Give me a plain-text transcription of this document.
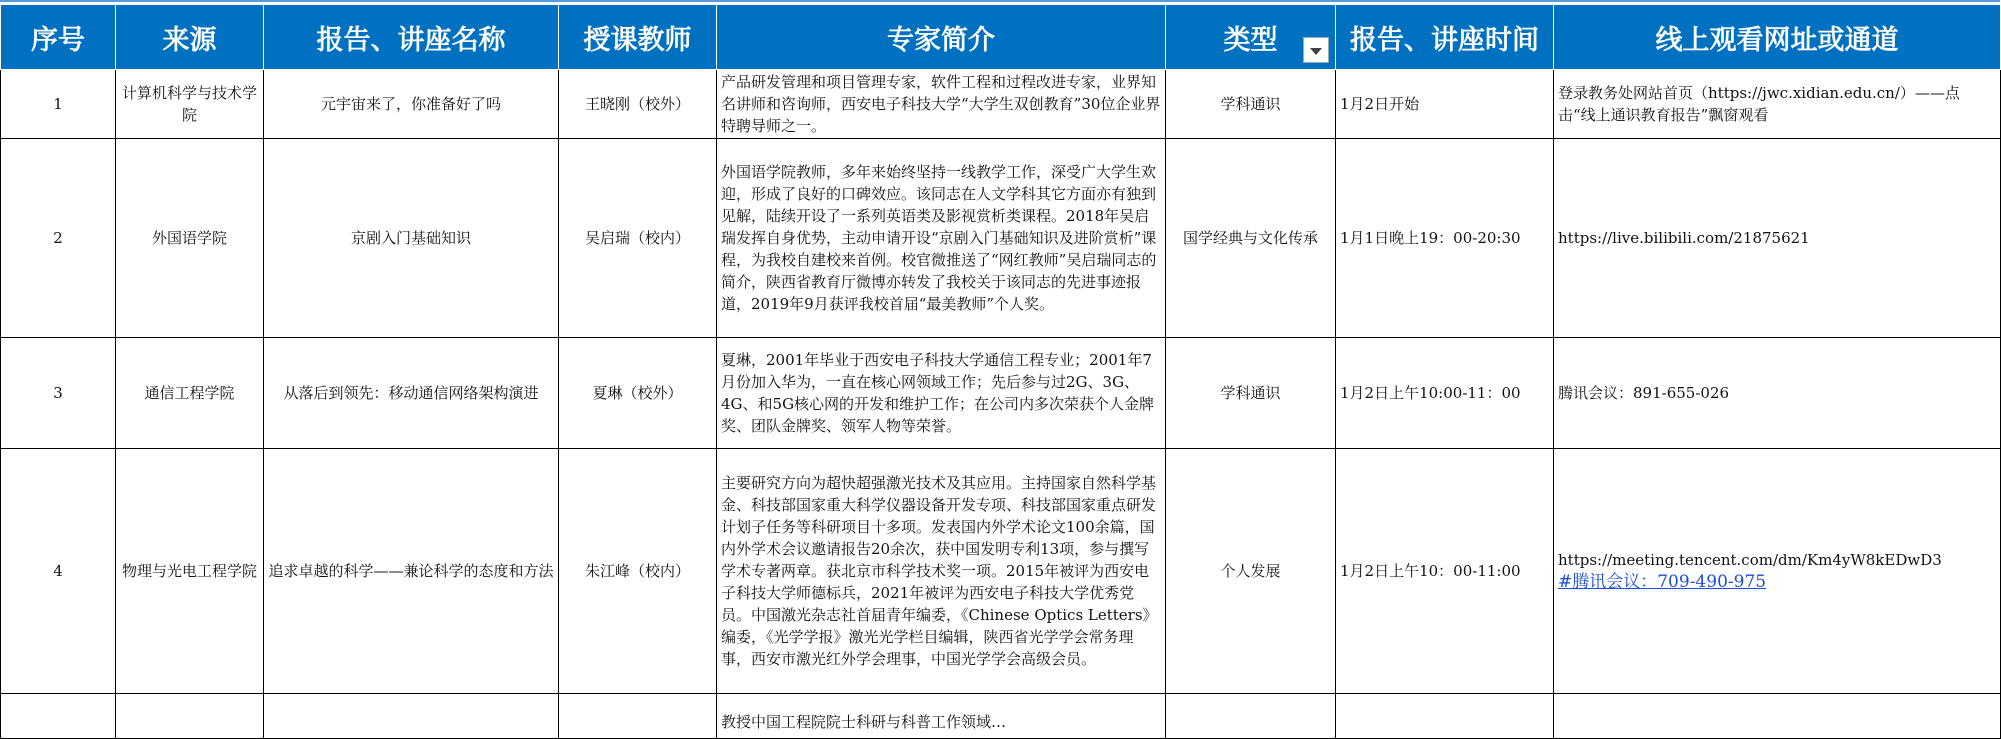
序号	来源	报告、讲座名称	授课教师	专家简介	类型	报告、讲座时间	线上观看网址或通道
1	计算机科学与技术学院	元宇宙来了，你准备好了吗	王晓刚（校外）	产品研发管理和项目管理专家，软件工程和过程改进专家，业界知名讲师和咨询师，西安电子科技大学“大学生双创教育”30位企业界特聘导师之一。	学科通识	1月2日开始	登录教务处网站首页（https://jwc.xidian.edu.cn/）——点击“线上通识教育报告”飘窗观看
2	外国语学院	京剧入门基础知识	吴启瑞（校内）	外国语学院教师，多年来始终坚持一线教学工作，深受广大学生欢迎，形成了良好的口碑效应。该同志在人文学科其它方面亦有独到见解，陆续开设了一系列英语类及影视赏析类课程。2018年吴启瑞发挥自身优势，主动申请开设“京剧入门基础知识及进阶赏析”课程，为我校自建校来首例。校官微推送了“网红教师”吴启瑞同志的简介，陕西省教育厅微博亦转发了我校关于该同志的先进事迹报道，2019年9月获评我校首届“最美教师”个人奖。	国学经典与文化传承	1月1日晚上19：00-20:30	https://live.bilibili.com/21875621
3	通信工程学院	从落后到领先：移动通信网络架构演进	夏琳（校外）	夏琳，2001年毕业于西安电子科技大学通信工程专业；2001年7月份加入华为，一直在核心网领域工作；先后参与过2G、3G、4G、和5G核心网的开发和维护工作；在公司内多次荣获个人金牌奖、团队金牌奖、领军人物等荣誉。	学科通识	1月2日上午10:00-11：00	腾讯会议：891-655-026
4	物理与光电工程学院	追求卓越的科学——兼论科学的态度和方法	朱江峰（校内）	主要研究方向为超快超强激光技术及其应用。主持国家自然科学基金、科技部国家重大科学仪器设备开发专项、科技部国家重点研发计划子任务等科研项目十多项。发表国内外学术论文100余篇，国内外学术会议邀请报告20余次，获中国发明专利13项，参与撰写学术专著两章。获北京市科学技术奖一项。2015年被评为西安电子科技大学师德标兵，2021年被评为西安电子科技大学优秀党员。中国激光杂志社首届青年编委，《Chinese Optics Letters》编委，《光学学报》激光光学栏目编辑，陕西省光学学会常务理事，西安市激光红外学会理事，中国光学学会高级会员。	个人发展	1月2日上午10：00-11:00	https://meeting.tencent.com/dm/Km4yW8kEDwD3
#腾讯会议：709-490-975

				教授中国工程院院士科研与科普工作领域…			
